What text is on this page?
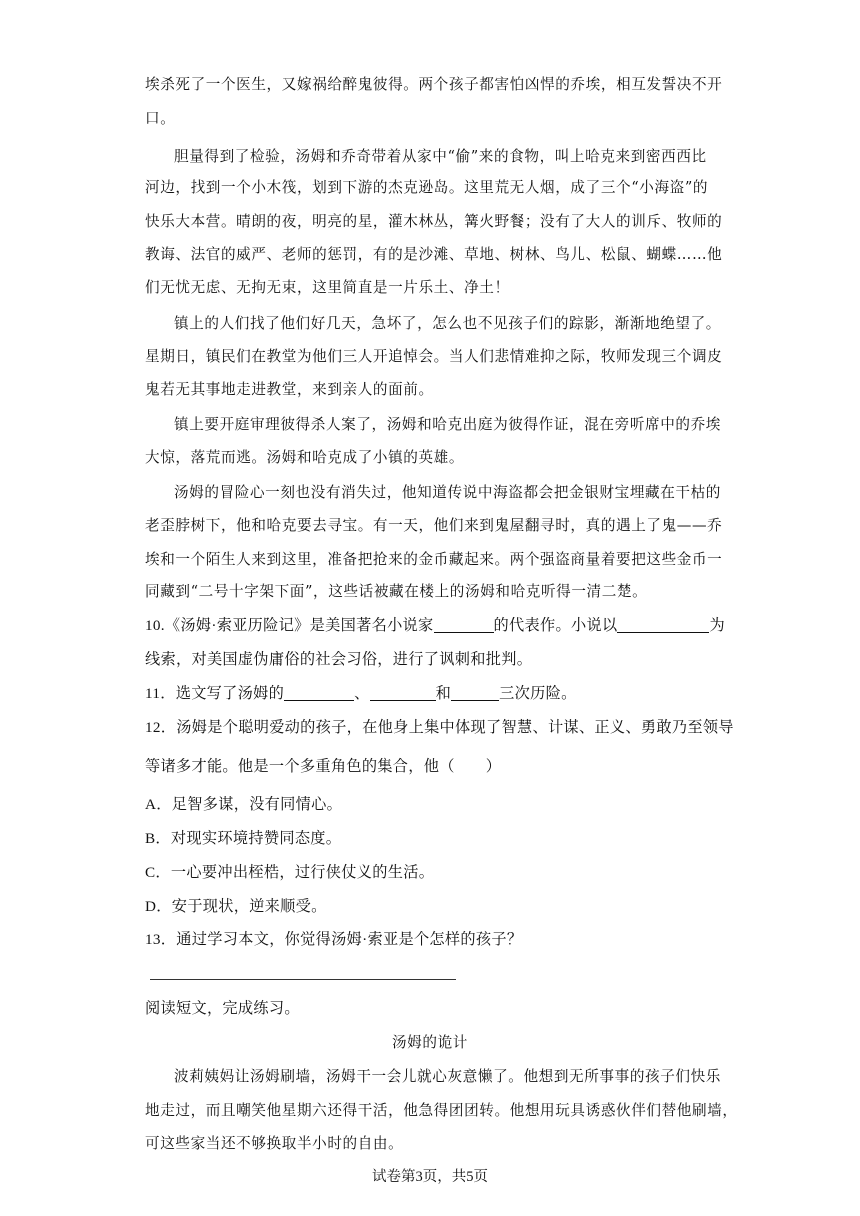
埃杀死了一个医生，又嫁祸给醉鬼彼得。两个孩子都害怕凶悍的乔埃，相互发誓决不开
口。
胆量得到了检验，汤姆和乔奇带着从家中“偷”来的食物，叫上哈克来到密西西比
河边，找到一个小木筏，划到下游的杰克逊岛。这里荒无人烟，成了三个“小海盗”的
快乐大本营。晴朗的夜，明亮的星，灌木林丛，篝火野餐；没有了大人的训斥、牧师的
教诲、法官的威严、老师的惩罚，有的是沙滩、草地、树林、鸟儿、松鼠、蝴蝶……他
们无忧无虑、无拘无束，这里简直是一片乐土、净土！
镇上的人们找了他们好几天，急坏了，怎么也不见孩子们的踪影，渐渐地绝望了。
星期日，镇民们在教堂为他们三人开追悼会。当人们悲情难抑之际，牧师发现三个调皮
鬼若无其事地走进教堂，来到亲人的面前。
镇上要开庭审理彼得杀人案了，汤姆和哈克出庭为彼得作证，混在旁听席中的乔埃
大惊，落荒而逃。汤姆和哈克成了小镇的英雄。
汤姆的冒险心一刻也没有消失过，他知道传说中海盗都会把金银财宝埋藏在干枯的
老歪脖树下，他和哈克要去寻宝。有一天，他们来到鬼屋翻寻时，真的遇上了鬼——乔
埃和一个陌生人来到这里，准备把抢来的金币藏起来。两个强盗商量着要把这些金币一
同藏到“二号十字架下面”，这些话被藏在楼上的汤姆和哈克听得一清二楚。
10.《汤姆·索亚历险记》是美国著名小说家	的代表作。小说以	为
线索，对美国虚伪庸俗的社会习俗，进行了讽刺和批判。
11．选文写了汤姆的	、	和	三次历险。
12．汤姆是个聪明爱动的孩子，在他身上集中体现了智慧、计谋、正义、勇敢乃至领导
等诸多才能。他是一个多重角色的集合，他（　　）
A．足智多谋，没有同情心。
B．对现实环境持赞同态度。
C．一心要冲出桎梏，过行侠仗义的生活。
D．安于现状，逆来顺受。
13．通过学习本文，你觉得汤姆·索亚是个怎样的孩子？
阅读短文，完成练习。
汤姆的诡计
波莉姨妈让汤姆刷墙，汤姆干一会儿就心灰意懒了。他想到无所事事的孩子们快乐
地走过，而且嘲笑他星期六还得干活，他急得团团转。他想用玩具诱惑伙伴们替他刷墙，
可这些家当还不够换取半小时的自由。
试卷第3页，共5页
